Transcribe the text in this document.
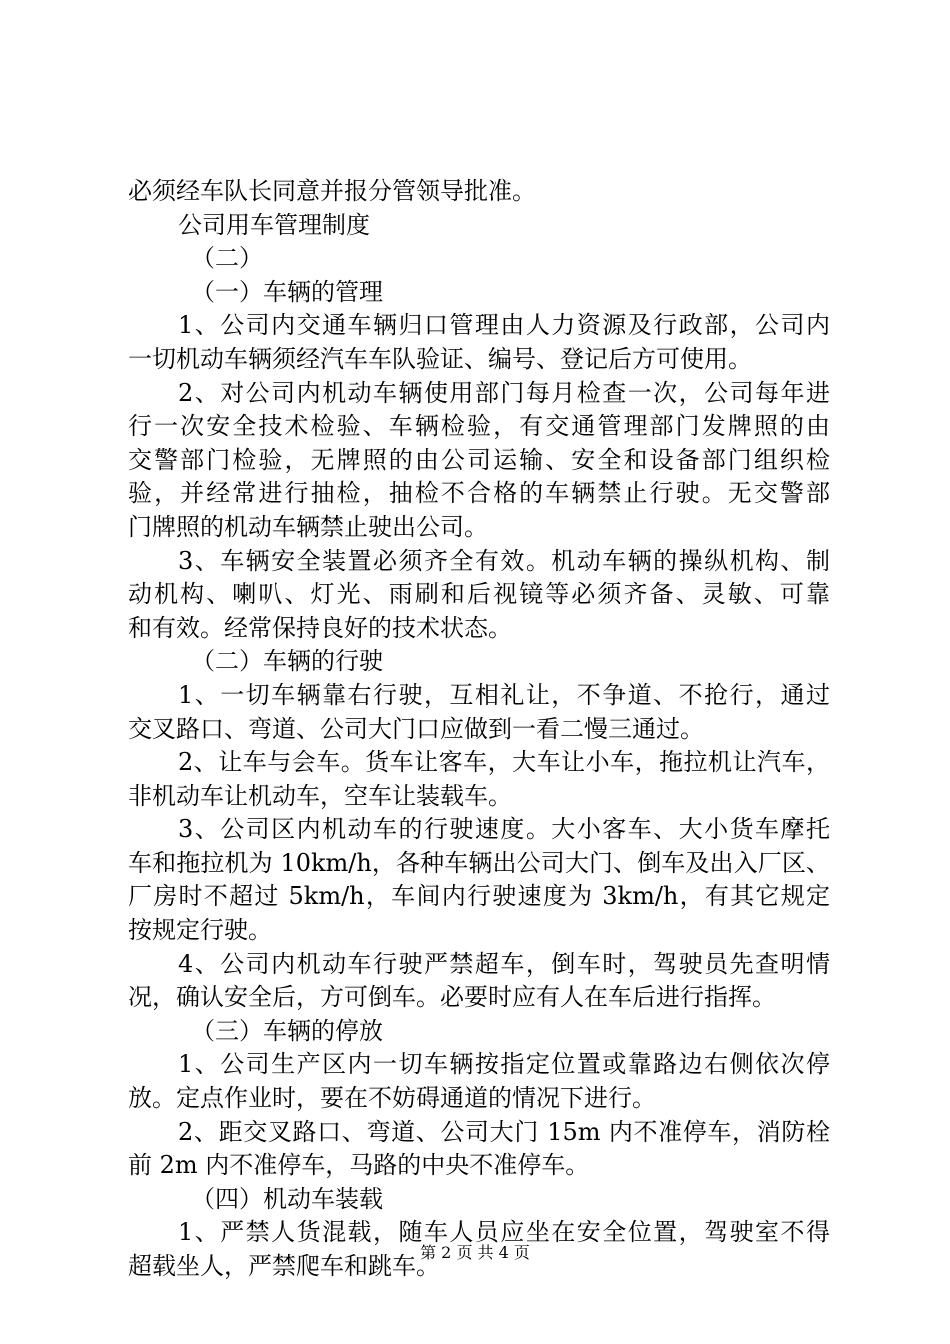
必须经车队长同意并报分管领导批准。
公司用车管理制度
（二）
（一）车辆的管理
1、公司内交通车辆归口管理由人力资源及行政部，公司内
一切机动车辆须经汽车车队验证、编号、登记后方可使用。
2、对公司内机动车辆使用部门每月检查一次，公司每年进
行一次安全技术检验、车辆检验，有交通管理部门发牌照的由
交警部门检验，无牌照的由公司运输、安全和设备部门组织检
验，并经常进行抽检，抽检不合格的车辆禁止行驶。无交警部
门牌照的机动车辆禁止驶出公司。
3、车辆安全装置必须齐全有效。机动车辆的操纵机构、制
动机构、喇叭、灯光、雨刷和后视镜等必须齐备、灵敏、可靠
和有效。经常保持良好的技术状态。
（二）车辆的行驶
1、一切车辆靠右行驶，互相礼让，不争道、不抢行，通过
交叉路口、弯道、公司大门口应做到一看二慢三通过。
2、让车与会车。货车让客车，大车让小车，拖拉机让汽车，
非机动车让机动车，空车让装载车。
3、公司区内机动车的行驶速度。大小客车、大小货车摩托
车和拖拉机为 10km/h，各种车辆出公司大门、倒车及出入厂区、
厂房时不超过 5km/h，车间内行驶速度为 3km/h，有其它规定
按规定行驶。
4、公司内机动车行驶严禁超车，倒车时，驾驶员先查明情
况，确认安全后，方可倒车。必要时应有人在车后进行指挥。
（三）车辆的停放
1、公司生产区内一切车辆按指定位置或靠路边右侧依次停
放。定点作业时，要在不妨碍通道的情况下进行。
2、距交叉路口、弯道、公司大门 15m 内不准停车，消防栓
前 2m 内不准停车，马路的中央不准停车。
（四）机动车装载
1、严禁人货混载，随车人员应坐在安全位置，驾驶室不得
超载坐人，严禁爬车和跳车。
第 2 页 共 4 页
